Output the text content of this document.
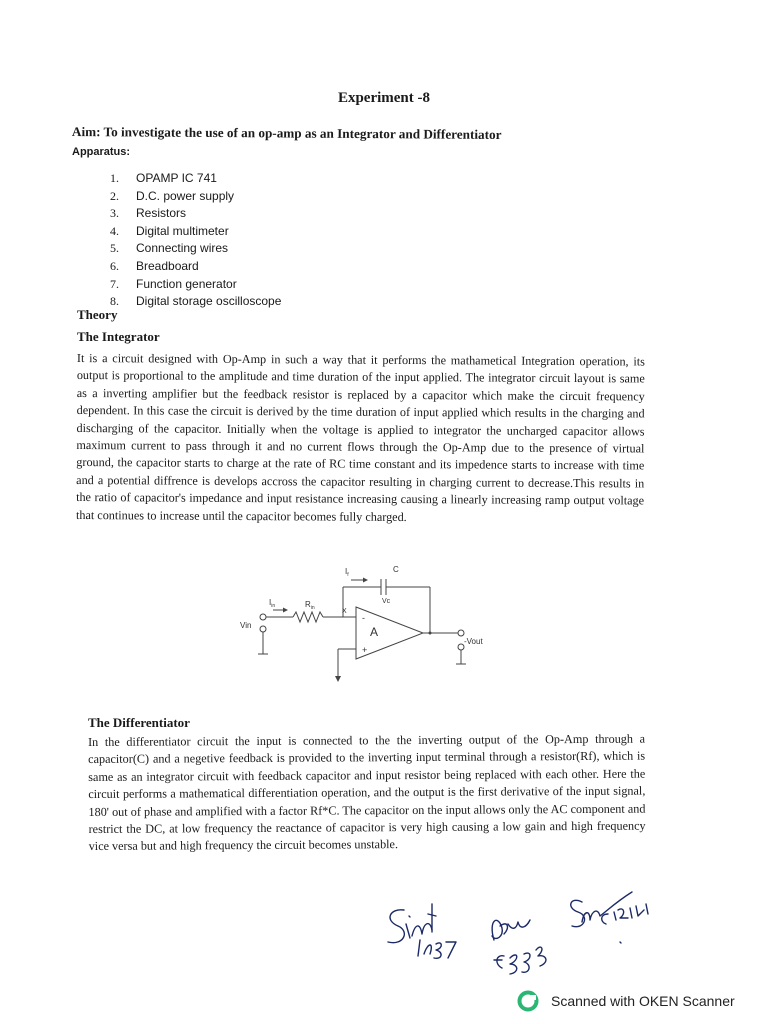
Experiment -8
Aim: To investigate the use of an op-amp as an Integrator and Differentiator
Apparatus:
1. OPAMP IC 741
2. D.C. power supply
3. Resistors
4. Digital multimeter
5. Connecting wires
6. Breadboard
7. Function generator
8. Digital storage oscilloscope
Theory
The Integrator

It is a circuit designed with Op-Amp in such a way that it performs the mathametical Integration operation, its output is proportional to the amplitude and time duration of the input applied. The integrator circuit layout is same as a inverting amplifier but the feedback resistor is replaced by a capacitor which make the circuit frequency dependent. In this case the circuit is derived by the time duration of input applied which results in the charging and discharging of the capacitor. Initially when the voltage is applied to integrator the uncharged capacitor allows maximum current to pass through it and no current flows through the Op-Amp due to the presence of virtual ground, the capacitor starts to charge at the rate of RC time constant and its impedence starts to increase with time and a potential diffrence is develops accross the capacitor resulting in charging current to decrease.This results in the ratio of capacitor's impedance and input resistance increasing causing a linearly increasing ramp output voltage that continues to increase until the capacitor becomes fully charged.

$I_f$
C
Vc
$I_{in}$	$R_{in}$	X
Vin	A
-
+
-Vout
The Differentiator

In the differentiator circuit the input is connected to the the inverting output of the Op-Amp through a capacitor(C) and a negetive feedback is provided to the inverting input terminal through a resistor(Rf), which is same as an integrator circuit with feedback capacitor and input resistor being replaced with each other. Here the circuit performs a mathematical differentiation operation, and the output is the first derivative of the input signal, 180' out of phase and amplified with a factor Rf*C. The capacitor on the input allows only the AC component and restrict the DC, at low frequency the reactance of capacitor is very high causing a low gain and high frequency vice versa but and high frequency the circuit becomes unstable.

Sint
Scanned with OKEN Scanner
